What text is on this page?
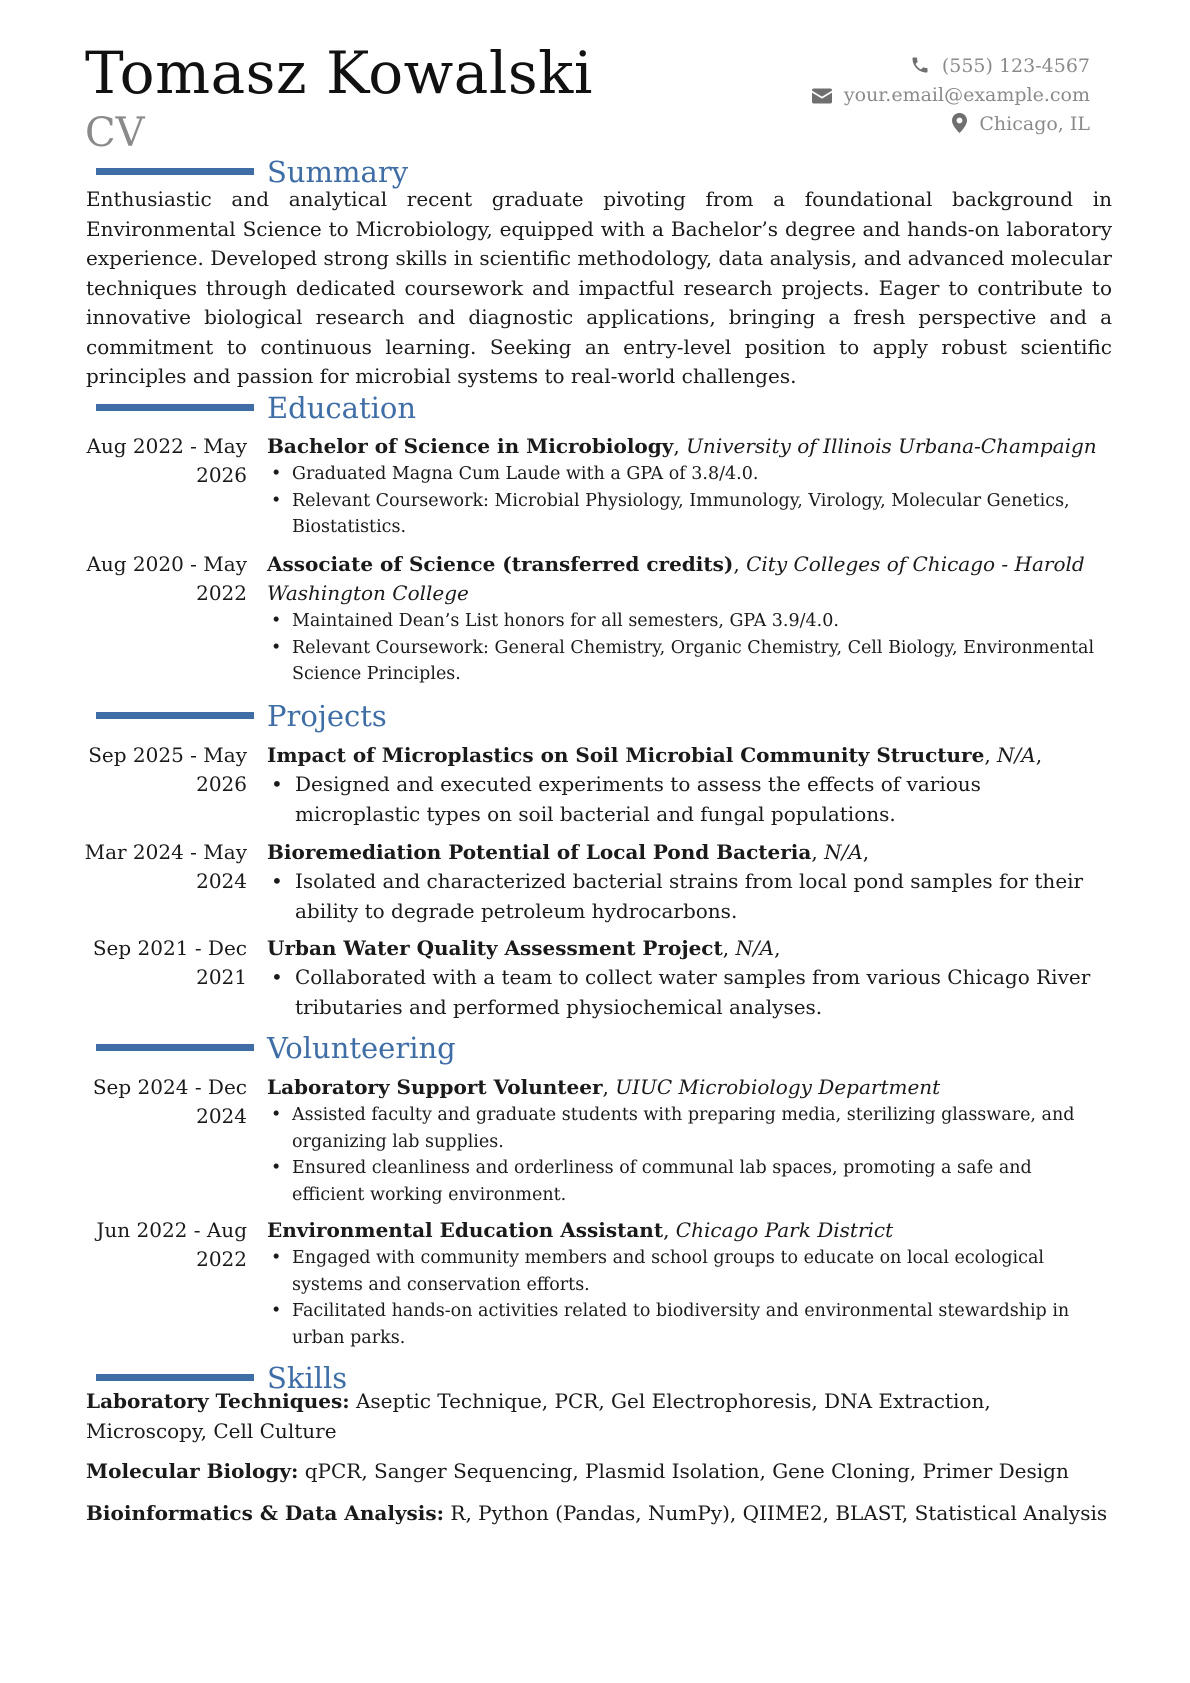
Tomasz Kowalski
CV
(555) 123-4567
your.email@example.com
Chicago, IL
Summary
Enthusiastic and analytical recent graduate pivoting from a foundational background in Environmental Science to Microbiology, equipped with a Bachelor’s degree and hands-on laboratory experience. Developed strong skills in scientific methodology, data analysis, and advanced molecular techniques through dedicated coursework and impactful research projects. Eager to contribute to innovative biological research and diagnostic applications, bringing a fresh perspective and a commitment to continuous learning. Seeking an entry-level position to apply robust scientific principles and passion for microbial systems to real-world challenges.
Education
Aug 2022 - May 2026
Bachelor of Science in Microbiology, University of Illinois Urbana-Champaign
• Graduated Magna Cum Laude with a GPA of 3.8/4.0.
• Relevant Coursework: Microbial Physiology, Immunology, Virology, Molecular Genetics, Biostatistics.
Aug 2020 - May 2022
Associate of Science (transferred credits), City Colleges of Chicago - Harold Washington College
• Maintained Dean’s List honors for all semesters, GPA 3.9/4.0.
• Relevant Coursework: General Chemistry, Organic Chemistry, Cell Biology, Environmental Science Principles.
Projects
Sep 2025 - May 2026
Impact of Microplastics on Soil Microbial Community Structure, N/A,
• Designed and executed experiments to assess the effects of various microplastic types on soil bacterial and fungal populations.
Mar 2024 - May 2024
Bioremediation Potential of Local Pond Bacteria, N/A,
• Isolated and characterized bacterial strains from local pond samples for their ability to degrade petroleum hydrocarbons.
Sep 2021 - Dec 2021
Urban Water Quality Assessment Project, N/A,
• Collaborated with a team to collect water samples from various Chicago River tributaries and performed physiochemical analyses.
Volunteering
Sep 2024 - Dec 2024
Laboratory Support Volunteer, UIUC Microbiology Department
• Assisted faculty and graduate students with preparing media, sterilizing glassware, and organizing lab supplies.
• Ensured cleanliness and orderliness of communal lab spaces, promoting a safe and efficient working environment.
Jun 2022 - Aug 2022
Environmental Education Assistant, Chicago Park District
• Engaged with community members and school groups to educate on local ecological systems and conservation efforts.
• Facilitated hands-on activities related to biodiversity and environmental stewardship in urban parks.
Skills
Laboratory Techniques: Aseptic Technique, PCR, Gel Electrophoresis, DNA Extraction, Microscopy, Cell Culture
Molecular Biology: qPCR, Sanger Sequencing, Plasmid Isolation, Gene Cloning, Primer Design
Bioinformatics & Data Analysis: R, Python (Pandas, NumPy), QIIME2, BLAST, Statistical Analysis
